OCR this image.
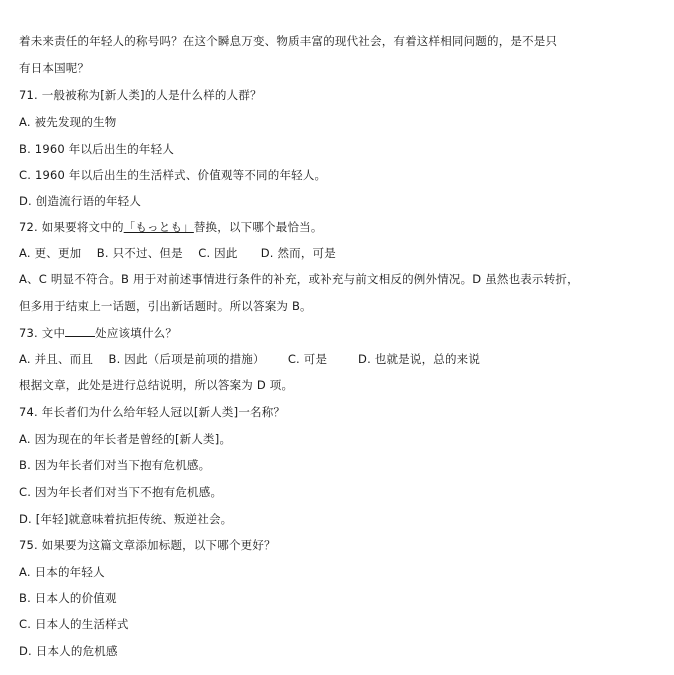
着未来责任的年轻人的称号吗？在这个瞬息万变、物质丰富的现代社会，有着这样相同问题的，是不是只
有日本国呢？
71. 一般被称为[新人类]的人是什么样的人群？
A. 被先发现的生物
B. 1960 年以后出生的年轻人
C. 1960 年以后出生的生活样式、价值观等不同的年轻人。
D. 创造流行语的年轻人
72. 如果要将文中的「もっとも」替换，以下哪个最恰当。
A. 更、更加    B. 只不过、但是    C. 因此      D. 然而，可是
A、C 明显不符合。B 用于对前述事情进行条件的补充，或补充与前文相反的例外情况。D 虽然也表示转折，
但多用于结束上一话题，引出新话题时。所以答案为 B。
73. 文中	处应该填什么？
A. 并且、而且    B. 因此（后项是前项的措施）      C. 可是        D. 也就是说，总的来说
根据文章，此处是进行总结说明，所以答案为 D 项。
74. 年长者们为什么给年轻人冠以[新人类]一名称？
A. 因为现在的年长者是曾经的[新人类]。
B. 因为年长者们对当下抱有危机感。
C. 因为年长者们对当下不抱有危机感。
D. [年轻]就意味着抗拒传统、叛逆社会。
75. 如果要为这篇文章添加标题，以下哪个更好？
A. 日本的年轻人
B. 日本人的价值观
C. 日本人的生活样式
D. 日本人的危机感
